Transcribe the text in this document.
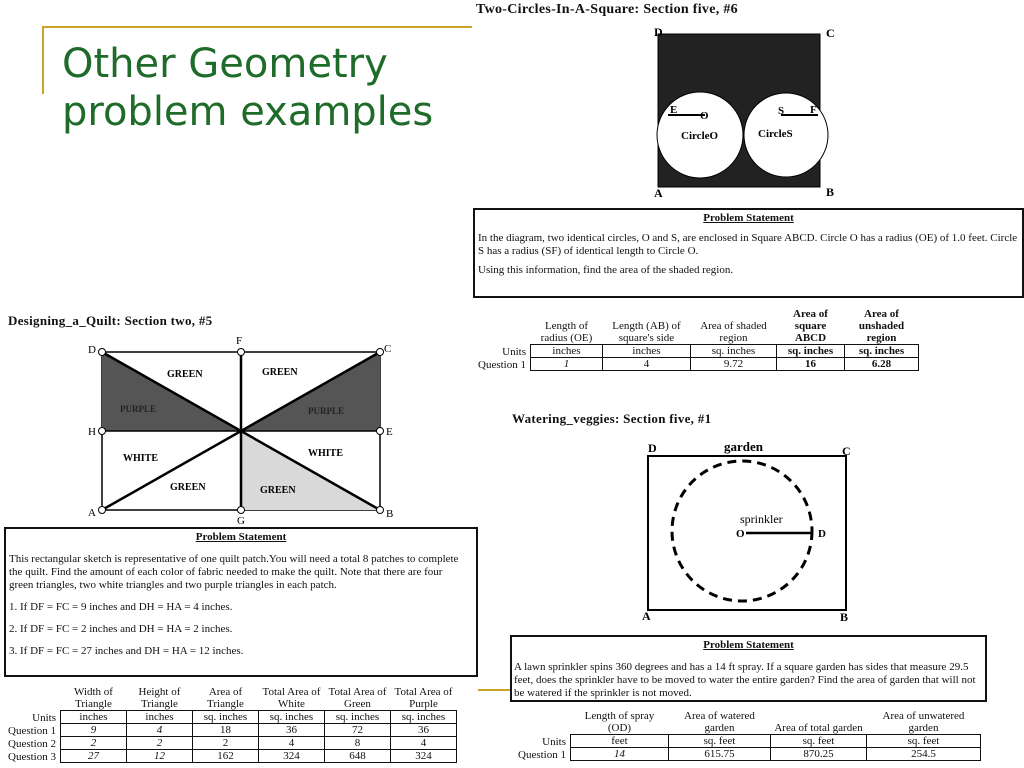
Other Geometry problem examples
Two-Circles-In-A-Square: Section five, #6
D	C
A	B
E O	S F
CircleO	CircleS
Problem Statement
In the diagram, two identical circles, O and S, are enclosed in Square ABCD. Circle O has a radius (OE) of 1.0 feet. Circle S has a radius (SF) of identical length to Circle O.
Using this information, find the area of the shaded region.
	Length of radius (OE)	Length (AB) of square's side	Area of shaded region	Area of square ABCD	Area of unshaded region
Units	inches	inches	sq. inches	sq. inches	sq. inches
Question 1	1	4	9.72	16	6.28
Designing_a_Quilt: Section two, #5
D
F
C
H	E
A
G
B
GREEN	GREEN
PURPLE	PURPLE
WHITE	WHITE
GREEN	GREEN
Problem Statement
This rectangular sketch is representative of one quilt patch.You will need a total 8 patches to complete the quilt. Find the amount of each color of fabric needed to make the quilt. Note that there are four green triangles, two white triangles and two purple triangles in each patch.
1. If DF = FC = 9 inches and DH = HA = 4 inches.
2. If DF = FC = 2 inches and DH = HA = 2 inches.
3. If DF = FC = 27 inches and DH = HA = 12 inches.
	Width of Triangle	Height of Triangle	Area of Triangle	Total Area of White	Total Area of Green	Total Area of Purple
Units	inches	inches	sq. inches	sq. inches	sq. inches	sq. inches
Question 1	9	4	18	36	72	36
Question 2	2	2	2	4	8	4
Question 3	27	12	162	324	648	324
Watering_veggies: Section five, #1
D	C
A	B
garden
sprinkler
O	D
Problem Statement
A lawn sprinkler spins 360 degrees and has a 14 ft spray. If a square garden has sides that measure 29.5 feet, does the sprinkler have to be moved to water the entire garden? Find the area of garden that will not be watered if the sprinkler is not moved.
	Length of spray (OD)	Area of watered garden	Area of total garden	Area of unwatered garden
Units	feet	sq. feet	sq. feet	sq. feet
Question 1	14	615.75	870.25	254.5
